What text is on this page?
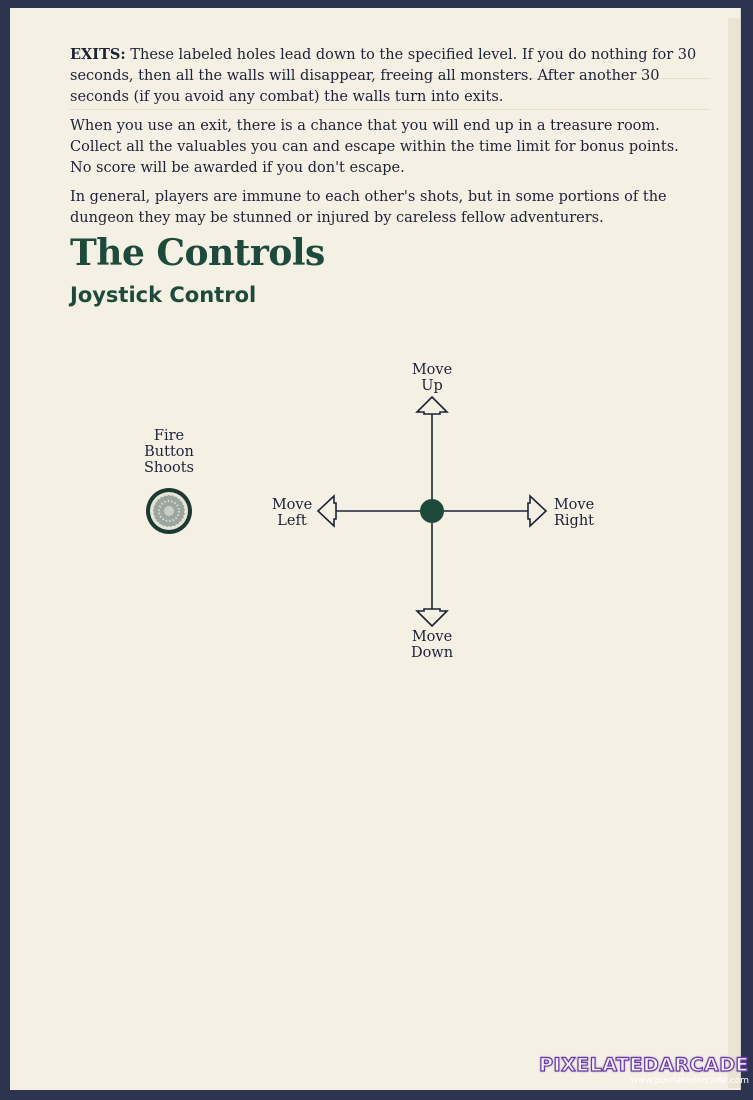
EXITS: These labeled holes lead down to the specified level. If you do nothing for 30 seconds, then all the walls will disappear, freeing all monsters. After another 30 seconds (if you avoid any combat) the walls turn into exits.

When you use an exit, there is a chance that you will end up in a treasure room. Collect all the valuables you can and escape within the time limit for bonus points. No score will be awarded if you don't escape.

In general, players are immune to each other's shots, but in some portions of the dungeon they may be stunned or injured by careless fellow adventurers.

The Controls
Joystick Control
Fire
Button
Shoots
Move
Up
Move
Down
Move
Left
Move
Right
PIXELATEDARCADE
www.pixelatedarcade.com
